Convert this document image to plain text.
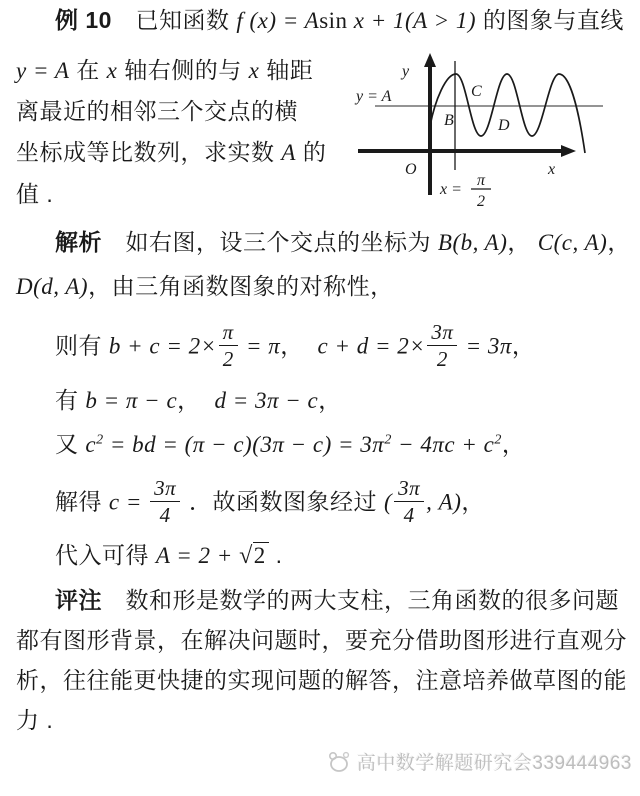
例 10　已知函数 f (x) = Asin x + 1(A > 1) 的图象与直线
y = A 在 x 轴右侧的与 x 轴距
离最近的相邻三个交点的横
坐标成等比数列，求实数 A 的
值 .
解析　如右图，设三个交点的坐标为 B(b, A)， C(c, A)，
D(d, A)，由三角函数图象的对称性，
则有 $b + c = 2\times \frac{\pi}{2} = \pi$，  $c + d = 2\times \frac{3\pi}{2} = 3\pi$，
有 b = π − c，  d = 3π − c，
又 $c^2$ = bd = $(\pi - c)(3\pi - c) = 3\pi^2 - 4\pi c + c^2$，
解得 $c = \frac{3\pi}{4}$ ．故函数图象经过 ( $\frac{3\pi}{4}$ , A)，
代入可得 A = 2 + √2 .
评注　数和形是数学的两大支柱，三角函数的很多问题
都有图形背景，在解决问题时，要充分借助图形进行直观分
析，往往能更快捷的实现问题的解答，注意培养做草图的能
力 .
y
y = A
O	x
B
C
D
x =
π
2
高中数学解题研究会339444963
